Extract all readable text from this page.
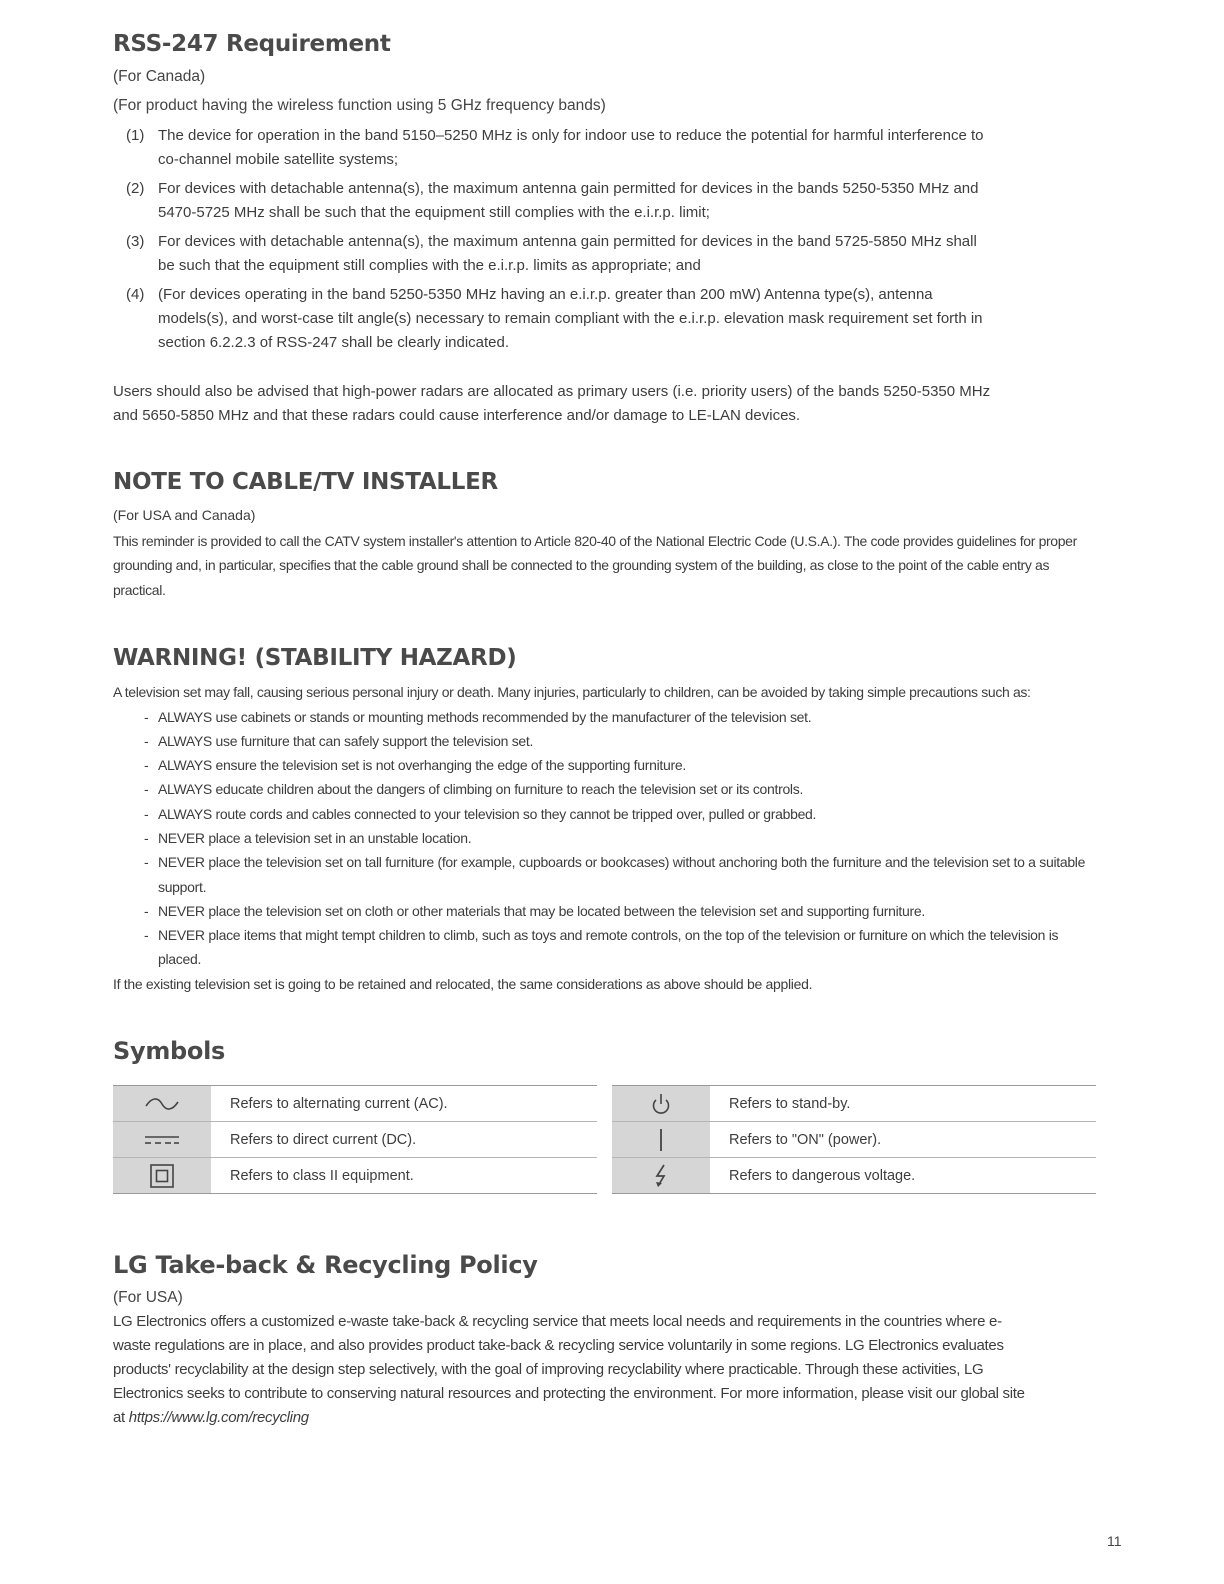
RSS-247 Requirement
(For Canada)
(For product having the wireless function using 5 GHz frequency bands)
(1) The device for operation in the band 5150–5250 MHz is only for indoor use to reduce the potential for harmful interference to co-channel mobile satellite systems;
(2) For devices with detachable antenna(s), the maximum antenna gain permitted for devices in the bands 5250-5350 MHz and 5470-5725 MHz shall be such that the equipment still complies with the e.i.r.p. limit;
(3) For devices with detachable antenna(s), the maximum antenna gain permitted for devices in the band 5725-5850 MHz shall be such that the equipment still complies with the e.i.r.p. limits as appropriate; and
(4) (For devices operating in the band 5250-5350 MHz having an e.i.r.p. greater than 200 mW) Antenna type(s), antenna models(s), and worst-case tilt angle(s) necessary to remain compliant with the e.i.r.p. elevation mask requirement set forth in section 6.2.2.3 of RSS-247 shall be clearly indicated.
Users should also be advised that high-power radars are allocated as primary users (i.e. priority users) of the bands 5250-5350 MHz and 5650-5850 MHz and that these radars could cause interference and/or damage to LE-LAN devices.
NOTE TO CABLE/TV INSTALLER
(For USA and Canada)
This reminder is provided to call the CATV system installer's attention to Article 820-40 of the National Electric Code (U.S.A.). The code provides guidelines for proper grounding and, in particular, specifies that the cable ground shall be connected to the grounding system of the building, as close to the point of the cable entry as practical.
WARNING! (STABILITY HAZARD)
A television set may fall, causing serious personal injury or death. Many injuries, particularly to children, can be avoided by taking simple precautions such as:
- ALWAYS use cabinets or stands or mounting methods recommended by the manufacturer of the television set.
- ALWAYS use furniture that can safely support the television set.
- ALWAYS ensure the television set is not overhanging the edge of the supporting furniture.
- ALWAYS educate children about the dangers of climbing on furniture to reach the television set or its controls.
- ALWAYS route cords and cables connected to your television so they cannot be tripped over, pulled or grabbed.
- NEVER place a television set in an unstable location.
- NEVER place the television set on tall furniture (for example, cupboards or bookcases) without anchoring both the furniture and the television set to a suitable support.
- NEVER place the television set on cloth or other materials that may be located between the television set and supporting furniture.
- NEVER place items that might tempt children to climb, such as toys and remote controls, on the top of the television or furniture on which the television is placed.
If the existing television set is going to be retained and relocated, the same considerations as above should be applied.
Symbols
Refers to alternating current (AC).
Refers to direct current (DC).
Refers to class II equipment.
Refers to stand-by.
Refers to "ON" (power).
Refers to dangerous voltage.
LG Take-back & Recycling Policy
(For USA)
LG Electronics offers a customized e-waste take-back & recycling service that meets local needs and requirements in the countries where e-waste regulations are in place, and also provides product take-back & recycling service voluntarily in some regions. LG Electronics evaluates products' recyclability at the design step selectively, with the goal of improving recyclability where practicable. Through these activities, LG Electronics seeks to contribute to conserving natural resources and protecting the environment. For more information, please visit our global site at https://www.lg.com/recycling
11
